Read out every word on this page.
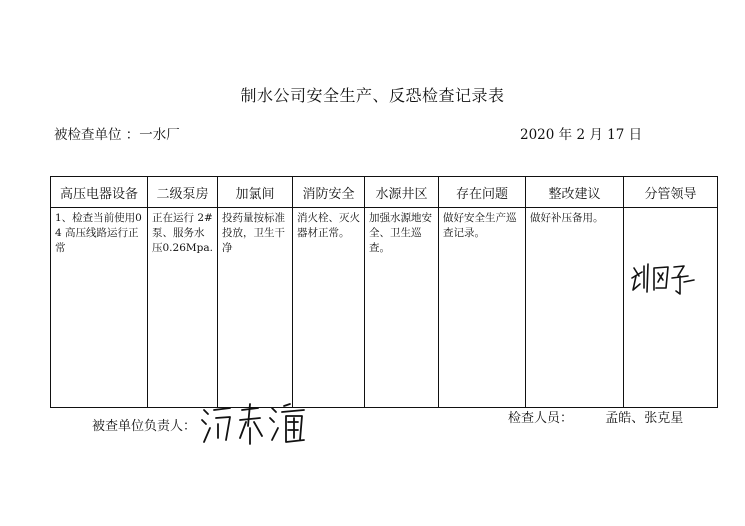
制水公司安全生产、反恐检查记录表
被检查单位 ：一水厂	2020 年 2 月 17 日
高压电器设备	二级泵房	加氯间	消防安全	水源井区	存在问题	整改建议	分管领导
1、检查当前使用04 高压线路运行正常	正在运行 2#泵、服务水压0.26Mpa.	投药量按标准投放，卫生干净	消火栓、灭火器材正常。	加强水源地安全、卫生巡查。	做好安全生产巡查记录。	做好补压备用。	
被查单位负责人：
检查人员： 孟皓、张克星
